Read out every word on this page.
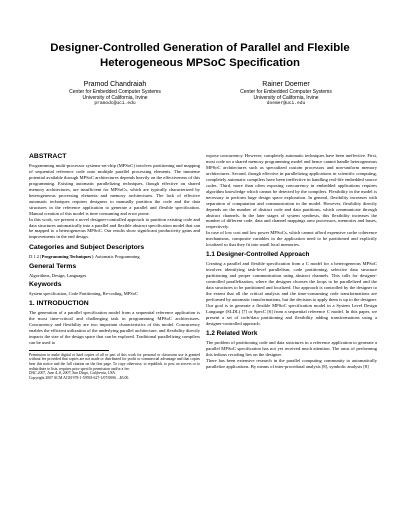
Designer-Controlled Generation of Parallel and Flexible
Heterogeneous MPSoC Specification
Pramod Chandraiah
Center for Embedded Computer Systems
University of California, Irvine
pramodc@uci.edu
Rainer Doemer
Center for Embedded Computer Systems
University of California, Irvine
doemer@uci.edu
ABSTRACT

Programming multi-processor systems-on-chip (MPSoC) involves partitioning and mapping of sequential reference code onto multiple parallel processing elements. The immense potential available through MPSoC architectures depends heavily on the effectiveness of this programming. Existing automatic parallelizing techniques, though effective on shared memory architectures, are insufficient for MPSoCs, which are typically characterized by heterogeneous processing elements and memory architectures. The lack of effective automatic techniques requires designers to manually partition the code and the data structures in the reference application to generate a parallel and flexible specification. Manual creation of this model is time consuming and error prone.

In this work, we present a novel designer-controlled approach to partition existing code and data structures automatically into a parallel and flexible abstract specification model that can be mapped to a heterogeneous MPSoC. Our results show significant productivity gains and improvements in the end design.

Categories and Subject Descriptors

D.1.2 [Programming Techniques]: Automatic Programming

General Terms

Algorithms, Design, Languages

Keywords

System specification, Code Partitioning, Re-coding, MPSoC

1. INTRODUCTION

The generation of a parallel specification model from a sequential reference application is the most time-critical and challenging task in programming MPSoC architectures. Concurrency and flexibility are two important characteristics of this model. Concurrency enables the efficient utilization of the underlying parallel architecture, and flexibility directly impacts the size of the design space that can be explored. Traditional parallelizing compilers can be used to

Permission to make digital or hard copies of all or part of this work for personal or classroom use is granted without fee provided that copies are not made or distributed for profit or commercial advantage and that copies bear this notice and the full citation on the first page. To copy otherwise, to republish, to post on servers or to redistribute to lists, requires prior specific permission and/or a fee.

DAC 2007, June 4–8, 2007, San Diego, California, USA.

Copyright 2007 ACM ACM 978-1-59593-627-1/07/0006 ...$5.00.

expose concurrency. However, completely automatic techniques have been ineffective. First, most code on a shared memory programming model and hence cannot handle heterogeneous MPSoC architectures such as specialized custom processors and non-uniform memory architectures. Second, though effective in parallelizing applications in scientific computing, completely automatic compilers have been ineffective in handling real-life embedded source codes. Third, more than often exposing concurrency in embedded applications requires algorithm knowledge which cannot be detected by the compilers. Flexibility in the model is necessary to perform large design space exploration. In general, flexibility increases with separation of computation and communication in the model. However, flexibility directly depends on the number of distinct code and data partitions, which communicate through abstract channels. In the later stages of system synthesis, this flexibility increases the number of different code, data and channel mappings onto processors, memories and buses, respectively.

In case of low cost and low power MPSoCs, which cannot afford expensive cache coherence mechanisms, composite variables in the application need to be partitioned and explicitly localized so that they fit into small local memories.

1.1 Designer-Controlled Approach

Creating a parallel and flexible specification from a C model for a heterogeneous MPSoC involves identifying task-level parallelism, code partitioning, selective data structure partitioning and proper communication using abstract channels. This calls for designer-controlled parallelization, where the designer chooses the loops to be parallelized and the data structures to be partitioned and localized. Our approach is controlled by the designer to the extent that all the critical analysis and the time-consuming code transformations are performed by automatic transformations, but the decision to apply them is up to the designer. Our goal is to generate a flexible MPSoC specification model in a System Level Design Language (SLDL) [7] or SpecC [6] from a sequential reference C model. In this paper, we present a set of code/data partitioning and flexibility adding transformations using a designer-controlled approach.

1.2 Related Work

The problem of partitioning code and data structures in a reference application to generate a parallel MPSoC specification has not yet received much attention. The onus of performing this tedious recoding lies on the designer.

There has been extensive research in the parallel computing community to automatically parallelize applications. By means of inter-procedural analysis [8], symbolic analysis [8]
